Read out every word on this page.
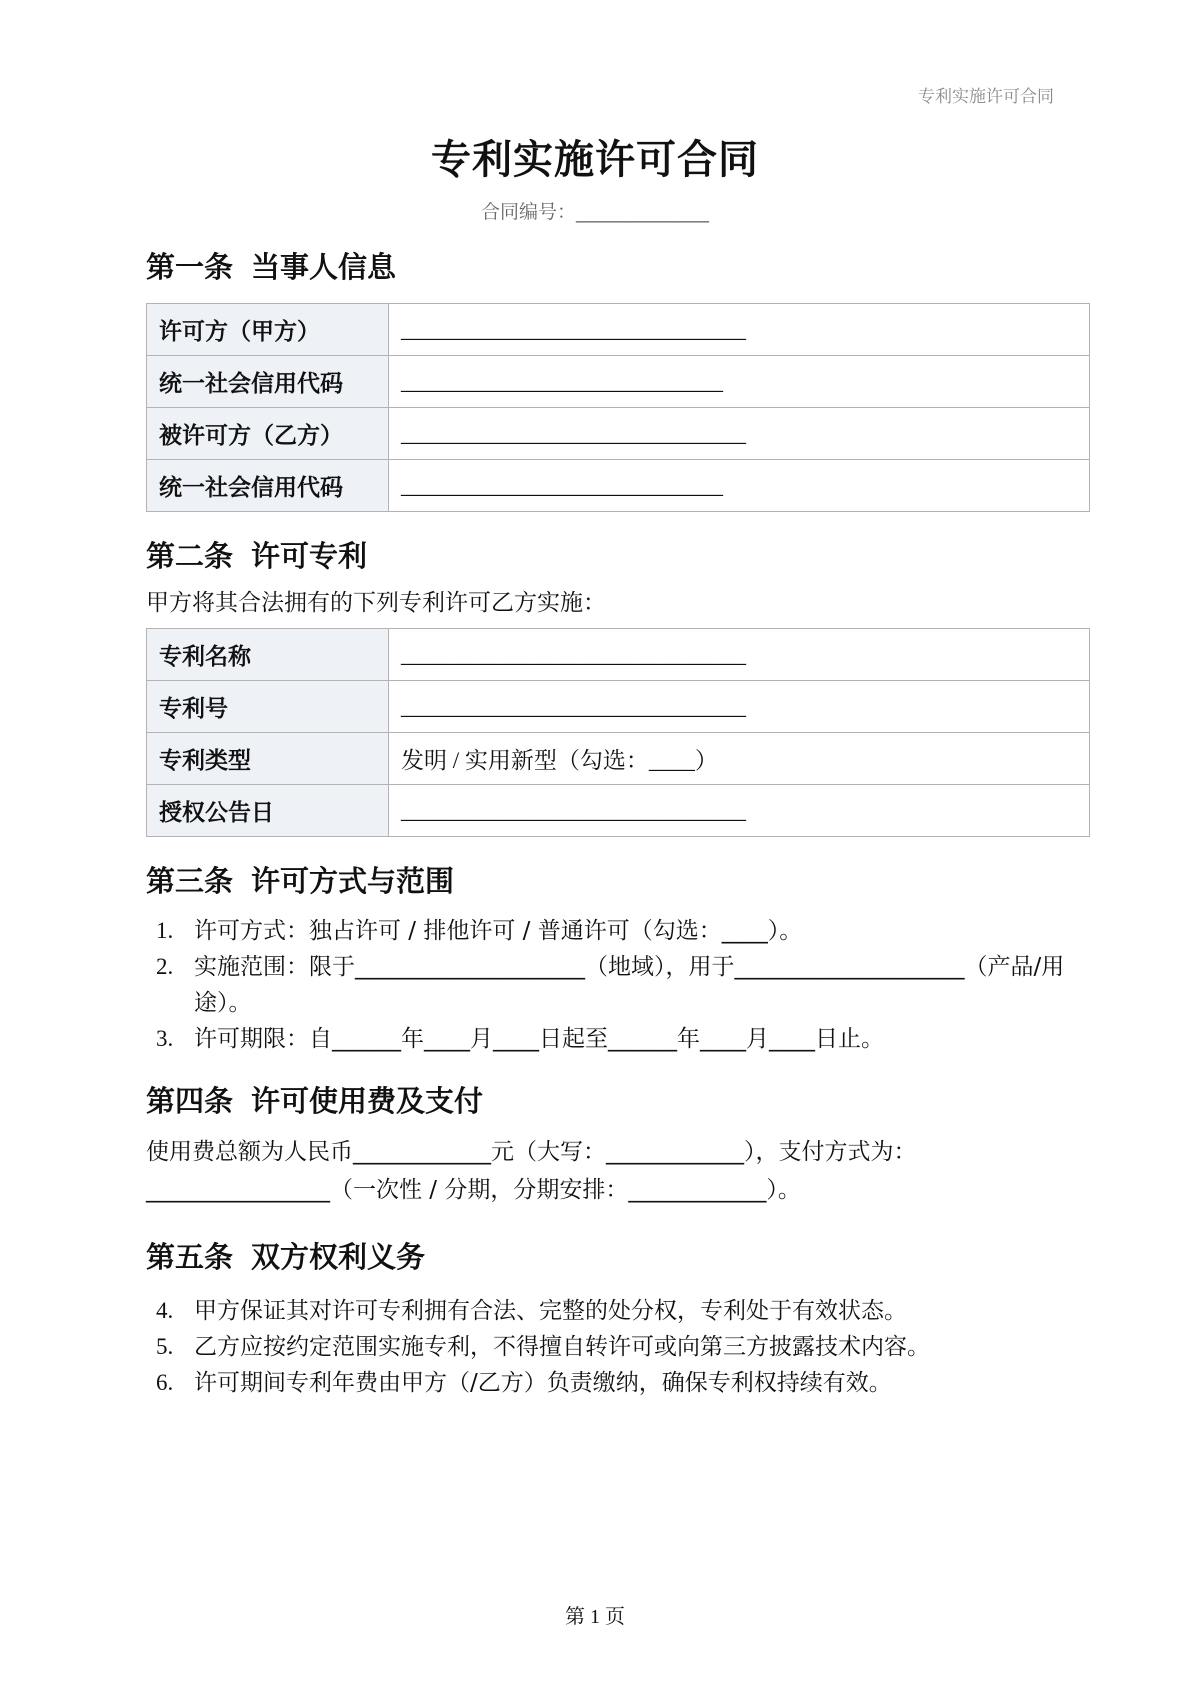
专利实施许可合同
专利实施许可合同
合同编号：______________
第一条 当事人信息
许可方（甲方）	______________________________
统一社会信用代码	____________________________
被许可方（乙方）	______________________________
统一社会信用代码	____________________________
第二条 许可专利

甲方将其合法拥有的下列专利许可乙方实施：

专利名称	______________________________
专利号	______________________________
专利类型	发明 / 实用新型（勾选：____）
授权公告日	______________________________
第三条 许可方式与范围
1. 许可方式：独占许可 / 排他许可 / 普通许可（勾选：____）。
2. 实施范围：限于____________________（地域），用于____________________（产品/用途）。
3. 许可期限：自______年____月____日起至______年____月____日止。
第四条 许可使用费及支付

使用费总额为人民币____________元（大写：____________），支付方式为：________________（一次性 / 分期，分期安排：____________）。

第五条 双方权利义务
4. 甲方保证其对许可专利拥有合法、完整的处分权，专利处于有效状态。
5. 乙方应按约定范围实施专利，不得擅自转许可或向第三方披露技术内容。
6. 许可期间专利年费由甲方（/乙方）负责缴纳，确保专利权持续有效。
第 1 页
